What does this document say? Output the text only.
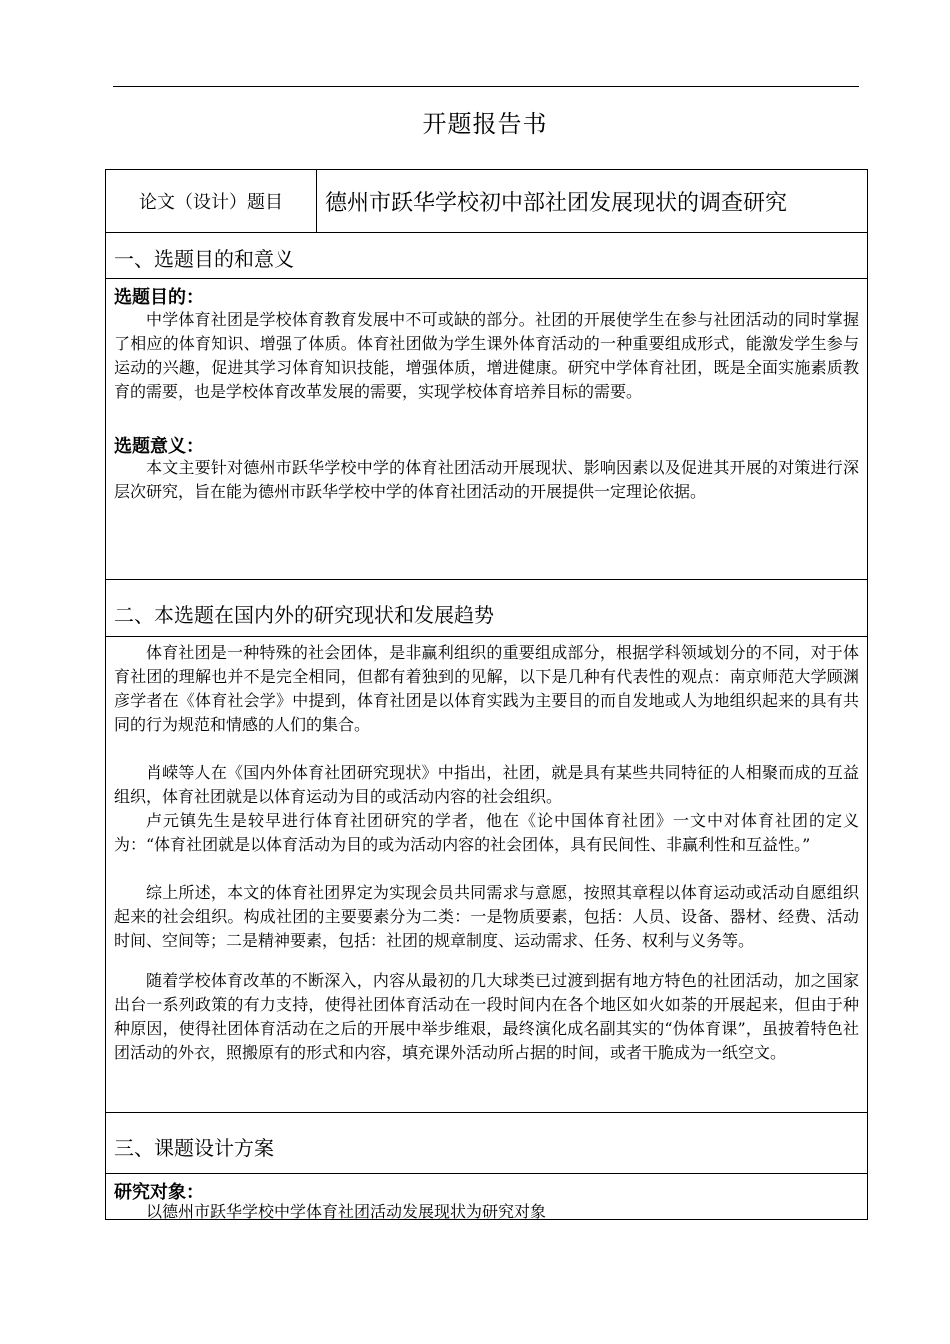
开题报告书
论文（设计）题目	德州市跃华学校初中部社团发展现状的调查研究
一、选题目的和意义
选题目的：
中学体育社团是学校体育教育发展中不可或缺的部分。社团的开展使学生在参与社团活动的同时掌握了相应的体育知识、增强了体质。体育社团做为学生课外体育活动的一种重要组成形式，能激发学生参与运动的兴趣，促进其学习体育知识技能，增强体质，增进健康。研究中学体育社团，既是全面实施素质教育的需要，也是学校体育改革发展的需要，实现学校体育培养目标的需要。
选题意义：
本文主要针对德州市跃华学校中学的体育社团活动开展现状、影响因素以及促进其开展的对策进行深层次研究，旨在能为德州市跃华学校中学的体育社团活动的开展提供一定理论依据。
二、本选题在国内外的研究现状和发展趋势
体育社团是一种特殊的社会团体，是非赢利组织的重要组成部分，根据学科领域划分的不同，对于体育社团的理解也并不是完全相同，但都有着独到的见解，以下是几种有代表性的观点：南京师范大学顾渊彦学者在《体育社会学》中提到，体育社团是以体育实践为主要目的而自发地或人为地组织起来的具有共同的行为规范和情感的人们的集合。
肖嵘等人在《国内外体育社团研究现状》中指出，社团，就是具有某些共同特征的人相聚而成的互益组织，体育社团就是以体育运动为目的或活动内容的社会组织。
卢元镇先生是较早进行体育社团研究的学者，他在《论中国体育社团》一文中对体育社团的定义为：“体育社团就是以体育活动为目的或为活动内容的社会团体，具有民间性、非赢利性和互益性。”
综上所述，本文的体育社团界定为实现会员共同需求与意愿，按照其章程以体育运动或活动自愿组织起来的社会组织。构成社团的主要要素分为二类：一是物质要素，包括：人员、设备、器材、经费、活动时间、空间等；二是精神要素，包括：社团的规章制度、运动需求、任务、权利与义务等。
随着学校体育改革的不断深入，内容从最初的几大球类已过渡到据有地方特色的社团活动，加之国家出台一系列政策的有力支持，使得社团体育活动在一段时间内在各个地区如火如荼的开展起来，但由于种种原因，使得社团体育活动在之后的开展中举步维艰，最终演化成名副其实的“伪体育课”，虽披着特色社团活动的外衣，照搬原有的形式和内容，填充课外活动所占据的时间，或者干脆成为一纸空文。
三、课题设计方案
研究对象：
以德州市跃华学校中学体育社团活动发展现状为研究对象
